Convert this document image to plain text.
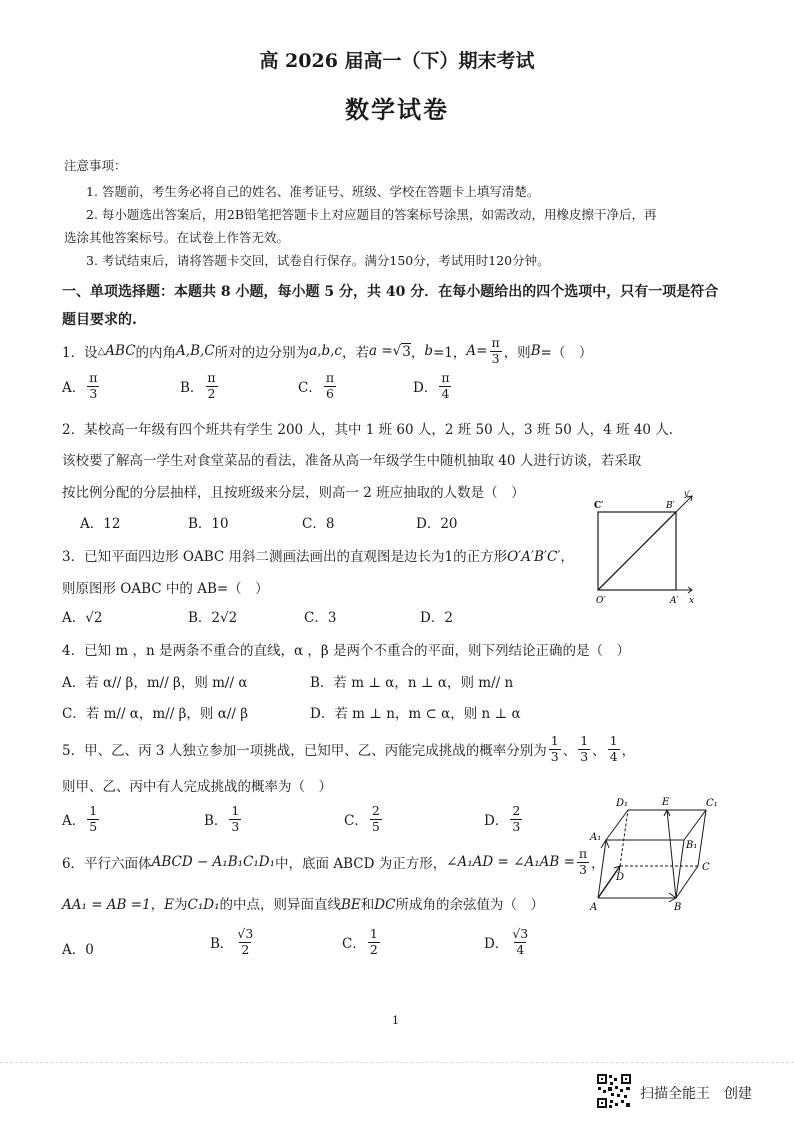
高 2026 届高一（下）期末考试
数学试卷
注意事项：
1. 答题前，考生务必将自己的姓名、准考证号、班级、学校在答题卡上填写清楚。
2. 每小题选出答案后，用2B铅笔把答题卡上对应题目的答案标号涂黑，如需改动，用橡皮擦干净后，再
选涂其他答案标号。在试卷上作答无效。
3. 考试结束后，请将答题卡交回，试卷自行保存。满分150分，考试用时120分钟。
一、单项选择题：本题共 8 小题，每小题 5 分，共 40 分．在每小题给出的四个选项中，只有一项是符合
题目要求的.
1．设 △ ABC 的内角 A,B,C 所对的边分别为 a,b,c ，若 a = √ 3 ， b =1， $A = \frac{\pi}{3}$ ，则 B =（　）
A． $\frac{\pi}{3}$	B． $\frac{\pi}{2}$	C． $\frac{\pi}{6}$	D． $\frac{\pi}{4}$
2．某校高一年级有四个班共有学生 200 人，其中 1 班 60 人，2 班 50 人，3 班 50 人，4 班 40 人.
该校要了解高一学生对食堂菜品的看法，准备从高一年级学生中随机抽取 40 人进行访谈，若采取
按比例分配的分层抽样，且按班级来分层，则高一 2 班应抽取的人数是（　）
A．12	B．10	C．8	D．20
3．已知平面四边形 OABC 用斜二测画法画出的直观图是边长为1的正方形O′A′B′C′，
则原图形 OABC 中的 AB=（　）
A．√2	B．2√2	C．3	D．2
C′	B′
y′
O′	A′ x
4．已知 m ，n 是两条不重合的直线，α ，β 是两个不重合的平面，则下列结论正确的是（　）
A．若 α// β，m// β，则 m// α	B．若 m ⊥ α，n ⊥ α，则 m// n
C．若 m// α，m// β，则 α// β	D．若 m ⊥ n，m ⊂ α，则 n ⊥ α
5．甲、乙、丙 3 人独立参加一项挑战，已知甲、乙、丙能完成挑战的概率分别为 $\frac{1}{3}$ 、 $\frac{1}{3}$ 、 $\frac{1}{4}$ ，
则甲、乙、丙中有人完成挑战的概率为（　）
A． $\frac{1}{5}$	B． $\frac{1}{3}$	C． $\frac{2}{5}$	D． $\frac{2}{3}$
6．平行六面体 ABCD − A₁B₁C₁D₁ 中，底面 ABCD 为正方形， ∠A₁AD = ∠A₁AB = $\frac{\pi}{3}$ ，
AA₁ = AB =1，E为C₁D₁的中点，则异面直线BE和DC所成角的余弦值为（　）
A．0	B． $\frac{√3}{2}$	C． $\frac{1}{2}$	D． $\frac{√3}{4}$
D₁	E	C₁
A₁
B₁
D
C
A	B
1
扫描全能王　创建
